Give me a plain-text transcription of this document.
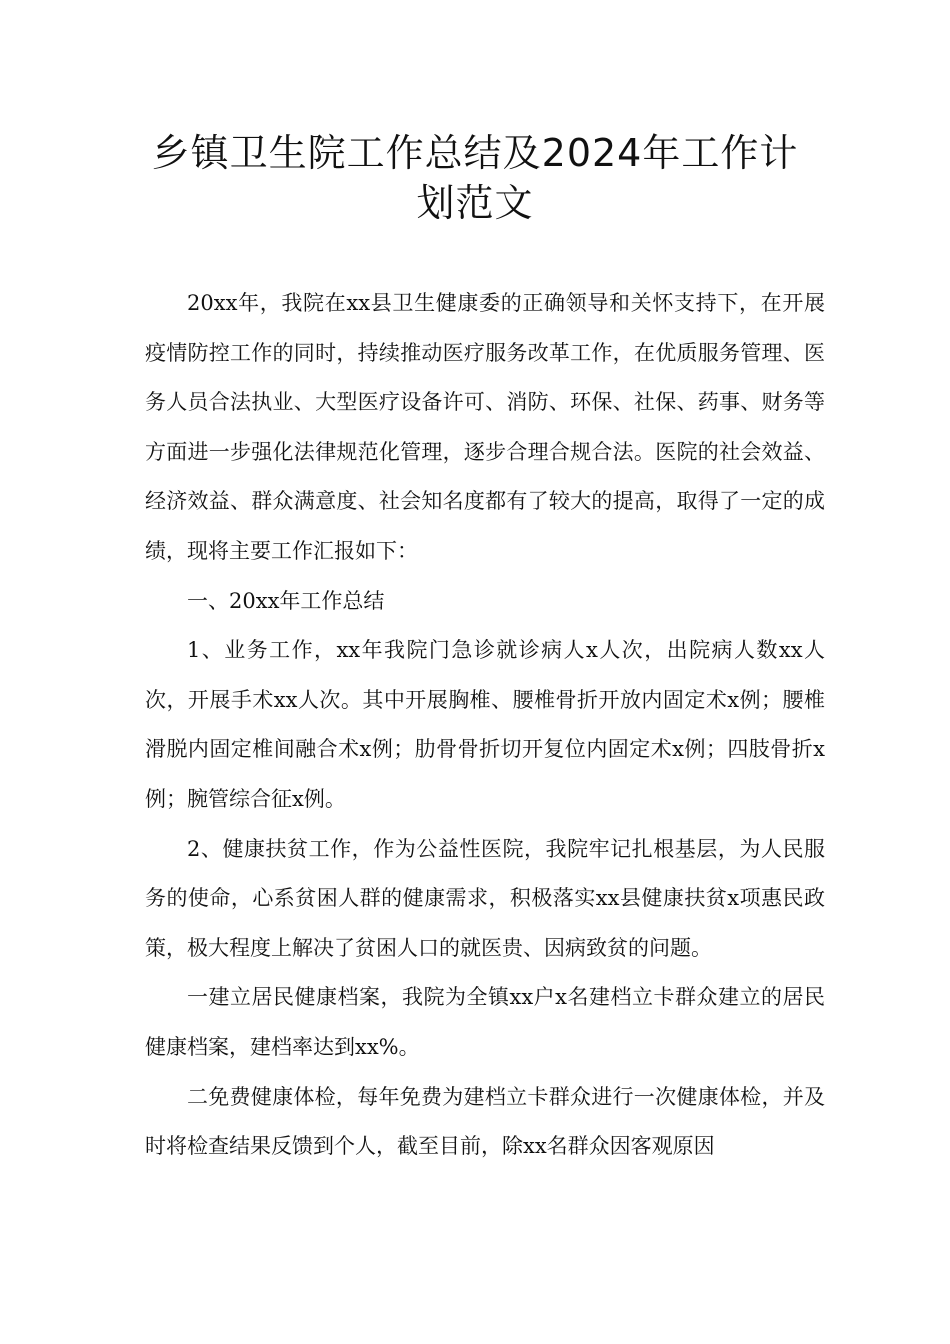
乡镇卫生院工作总结及2024年工作计
划范文

20xx年，我院在xx县卫生健康委的正确领导和关怀支持下，在开展疫情防控工作的同时，持续推动医疗服务改革工作，在优质服务管理、医务人员合法执业、大型医疗设备许可、消防、环保、社保、药事、财务等方面进一步强化法律规范化管理，逐步合理合规合法。医院的社会效益、经济效益、群众满意度、社会知名度都有了较大的提高，取得了一定的成绩，现将主要工作汇报如下：

一、20xx年工作总结

1、业务工作，xx年我院门急诊就诊病人x人次，出院病人数xx人次，开展手术xx人次。其中开展胸椎、腰椎骨折开放内固定术x例；腰椎滑脱内固定椎间融合术x例；肋骨骨折切开复位内固定术x例；四肢骨折x例；腕管综合征x例。

2、健康扶贫工作，作为公益性医院，我院牢记扎根基层，为人民服务的使命，心系贫困人群的健康需求，积极落实xx县健康扶贫x项惠民政策，极大程度上解决了贫困人口的就医贵、因病致贫的问题。

一建立居民健康档案，我院为全镇xx户x名建档立卡群众建立的居民健康档案，建档率达到xx%。

二免费健康体检，每年免费为建档立卡群众进行一次健康体检，并及时将检查结果反馈到个人，截至目前，除xx名群众因客观原因
